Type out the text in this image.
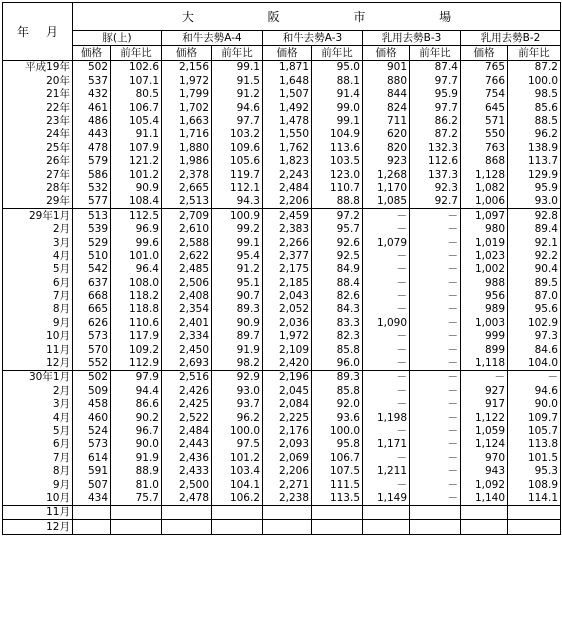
年 月	大 阪 市 場									

	豚(上)		和牛去勢A-4		和牛去勢A-3		乳用去勢B-3		乳用去勢B-2	
	価格	前年比	価格	前年比	価格	前年比	価格	前年比	価格	前年比
平成19年	502	102.6	2,156	99.1	1,871	95.0	901	87.4	765	87.2
20年	537	107.1	1,972	91.5	1,648	88.1	880	97.7	766	100.0
21年	432	80.5	1,799	91.2	1,507	91.4	844	95.9	754	98.5
22年	461	106.7	1,702	94.6	1,492	99.0	824	97.7	645	85.6
23年	486	105.4	1,663	97.7	1,478	99.1	711	86.2	571	88.5
24年	443	91.1	1,716	103.2	1,550	104.9	620	87.2	550	96.2
25年	478	107.9	1,880	109.6	1,762	113.6	820	132.3	763	138.9
26年	579	121.2	1,986	105.6	1,823	103.5	923	112.6	868	113.7
27年	586	101.2	2,378	119.7	2,243	123.0	1,268	137.3	1,128	129.9
28年	532	90.9	2,665	112.1	2,484	110.7	1,170	92.3	1,082	95.9
29年	577	108.4	2,513	94.3	2,206	88.8	1,085	92.7	1,006	93.0
29年1月	513	112.5	2,709	100.9	2,459	97.2	－	－	1,097	92.8
2月	539	96.9	2,610	99.2	2,383	95.7	－	－	980	89.4
3月	529	99.6	2,588	99.1	2,266	92.6	1,079	－	1,019	92.1
4月	510	101.0	2,622	95.4	2,377	92.5	－	－	1,023	92.2
5月	542	96.4	2,485	91.2	2,175	84.9	－	－	1,002	90.4
6月	637	108.0	2,506	95.1	2,185	88.4	－	－	988	89.5
7月	668	118.2	2,408	90.7	2,043	82.6	－	－	956	87.0
8月	665	118.8	2,354	89.3	2,052	84.3	－	－	989	95.6
9月	626	110.6	2,401	90.9	2,036	83.3	1,090	－	1,003	102.9
10月	573	117.9	2,334	89.7	1,972	82.3	－	－	999	97.3
11月	570	109.2	2,450	91.9	2,109	85.8	－	－	899	84.6
12月	552	112.9	2,693	98.2	2,420	96.0	－	－	1,118	104.0
30年1月	502	97.9	2,516	92.9	2,196	89.3	－	－	－	－
2月	509	94.4	2,426	93.0	2,045	85.8	－	－	927	94.6
3月	458	86.6	2,425	93.7	2,084	92.0	－	－	917	90.0
4月	460	90.2	2,522	96.2	2,225	93.6	1,198	－	1,122	109.7
5月	524	96.7	2,484	100.0	2,176	100.0	－	－	1,059	105.7
6月	573	90.0	2,443	97.5	2,093	95.8	1,171	－	1,124	113.8
7月	614	91.9	2,436	101.2	2,069	106.7	－	－	970	101.5
8月	591	88.9	2,433	103.4	2,206	107.5	1,211	－	943	95.3
9月	507	81.0	2,500	104.1	2,271	111.5	－	－	1,092	108.9
10月	434	75.7	2,478	106.2	2,238	113.5	1,149	－	1,140	114.1
11月										
12月										
